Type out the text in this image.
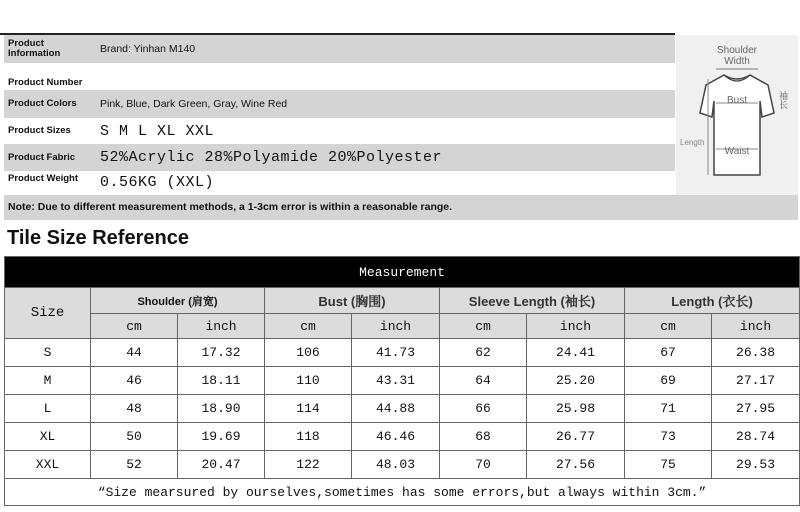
Product Information	Brand: Yinhan M140
Product Number
Product Colors	Pink, Blue, Dark Green, Gray, Wine Red
Product Sizes	S M L XL XXL
Product Fabric	52%Acrylic 28%Polyamide 20%Polyester
Product Weight	0.56KG (XXL)
Shoulder
Width
Bust
Waist
Length
袖长
Note: Due to different measurement methods, a 1-3cm error is within a reasonable range.
Tile Size Reference
Measurement								
Size	Shoulder (肩宽)		Bust (胸围)		Sleeve Length (袖长)		Length (衣长)	
	cm	inch	cm	inch	cm	inch	cm	inch
S	44	17.32	106	41.73	62	24.41	67	26.38
M	46	18.11	110	43.31	64	25.20	69	27.17
L	48	18.90	114	44.88	66	25.98	71	27.95
XL	50	19.69	118	46.46	68	26.77	73	28.74
XXL	52	20.47	122	48.03	70	27.56	75	29.53
“Size mearsured by ourselves,sometimes has some errors,but always within 3cm.”								
